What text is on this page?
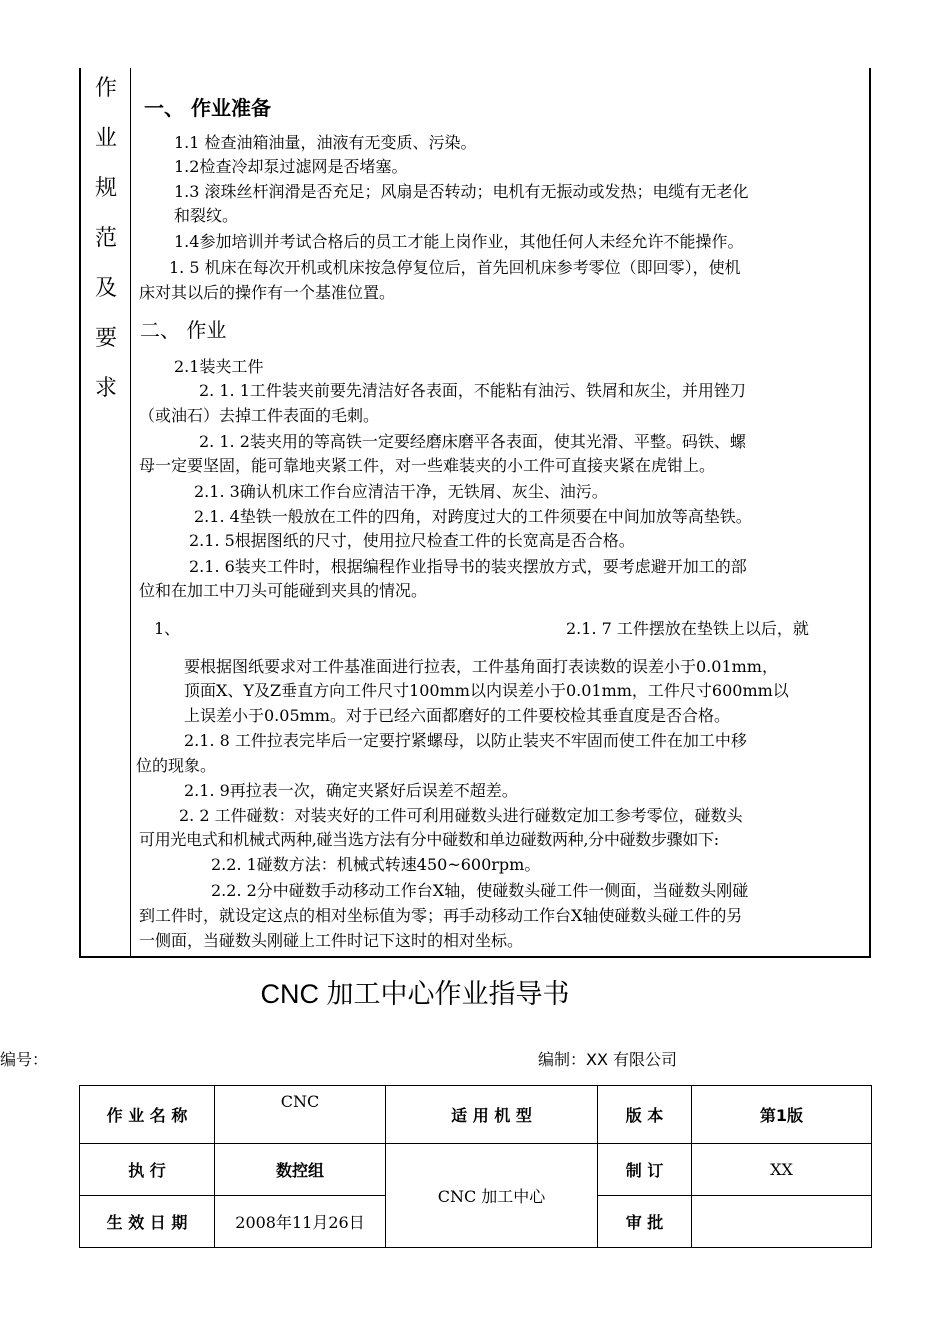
作
业
规
范
及
要
求
一、 作业准备
1.1 检查油箱油量，油液有无变质、污染。
1.2检查冷却泵过滤网是否堵塞。
1.3 滚珠丝杆润滑是否充足；风扇是否转动；电机有无振动或发热；电缆有无老化
和裂纹。
1.4参加培训并考试合格后的员工才能上岗作业，其他任何人未经允许不能操作。
1. 5 机床在每次开机或机床按急停复位后，首先回机床参考零位（即回零），使机
床对其以后的操作有一个基准位置。
二、 作业
2.1装夹工件
2. 1. 1工件装夹前要先清洁好各表面，不能粘有油污、铁屑和灰尘，并用锉刀
（或油石）去掉工件表面的毛刺。
2. 1. 2装夹用的等高铁一定要经磨床磨平各表面，使其光滑、平整。码铁、螺
母一定要坚固，能可靠地夹紧工件，对一些难装夹的小工件可直接夹紧在虎钳上。
2.1. 3确认机床工作台应清洁干净，无铁屑、灰尘、油污。
2.1. 4垫铁一般放在工件的四角，对跨度过大的工件须要在中间加放等高垫铁。
2.1. 5根据图纸的尺寸，使用拉尺检查工件的长宽高是否合格。
2.1. 6装夹工件时，根据编程作业指导书的装夹摆放方式，要考虑避开加工的部
位和在加工中刀头可能碰到夹具的情况。
1、	2.1. 7 工件摆放在垫铁上以后，就
要根据图纸要求对工件基准面进行拉表，工件基角面打表读数的误差小于0.01mm，
顶面X、Y及Z垂直方向工件尺寸100mm以内误差小于0.01mm，工件尺寸600mm以
上误差小于0.05mm。对于已经六面都磨好的工件要校检其垂直度是否合格。
2.1. 8 工件拉表完毕后一定要拧紧螺母，以防止装夹不牢固而使工件在加工中移
位的现象。
2.1. 9再拉表一次，确定夹紧好后误差不超差。
2. 2 工件碰数：对装夹好的工件可利用碰数头进行碰数定加工参考零位，碰数头
可用光电式和机械式两种,碰当选方法有分中碰数和单边碰数两种,分中碰数步骤如下:
2.2. 1碰数方法：机械式转速450~600rpm。
2.2. 2分中碰数手动移动工作台X轴，使碰数头碰工件一侧面，当碰数头刚碰
到工件时，就设定这点的相对坐标值为零；再手动移动工作台X轴使碰数头碰工件的另
一侧面，当碰数头刚碰上工件时记下这时的相对坐标。
CNC 加工中心作业指导书
编号：	编制：XX 有限公司
作 业 名 称	CNC	适 用 机 型	版 本	第1版
执 行	数控组	CNC 加工中心	制 订	XX
生 效 日 期	2008年11月26日		审 批	
